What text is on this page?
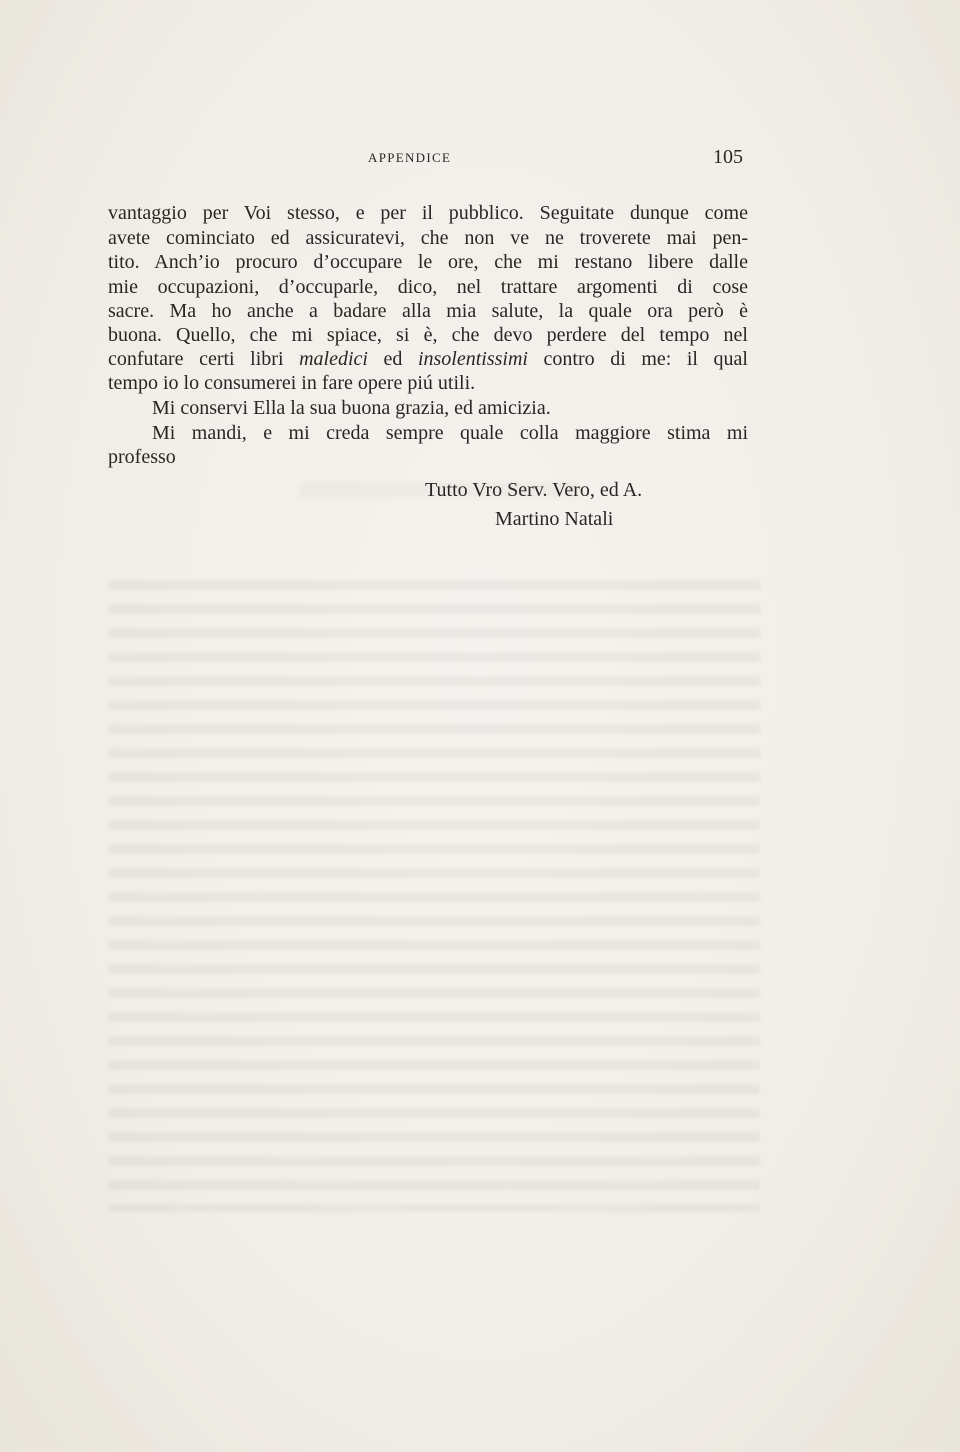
APPENDICE	105
vantaggio per Voi stesso, e per il pubblico. Seguitate dunque come
avete cominciato ed assicuratevi, che non ve ne troverete mai pen-
tito. Anch’io procuro d’occupare le ore, che mi restano libere dalle
mie occupazioni, d’occuparle, dico, nel trattare argomenti di cose
sacre. Ma ho anche a badare alla mia salute, la quale ora però è
buona. Quello, che mi spiace, si è, che devo perdere del tempo nel
confutare certi libri maledici ed insolentissimi contro di me: il qual
tempo io lo consumerei in fare opere piú utili.
Mi conservi Ella la sua buona grazia, ed amicizia.
Mi mandi, e mi creda sempre quale colla maggiore stima mi
professo
Tutto Vro Serv. Vero, ed A.
Martino Natali
